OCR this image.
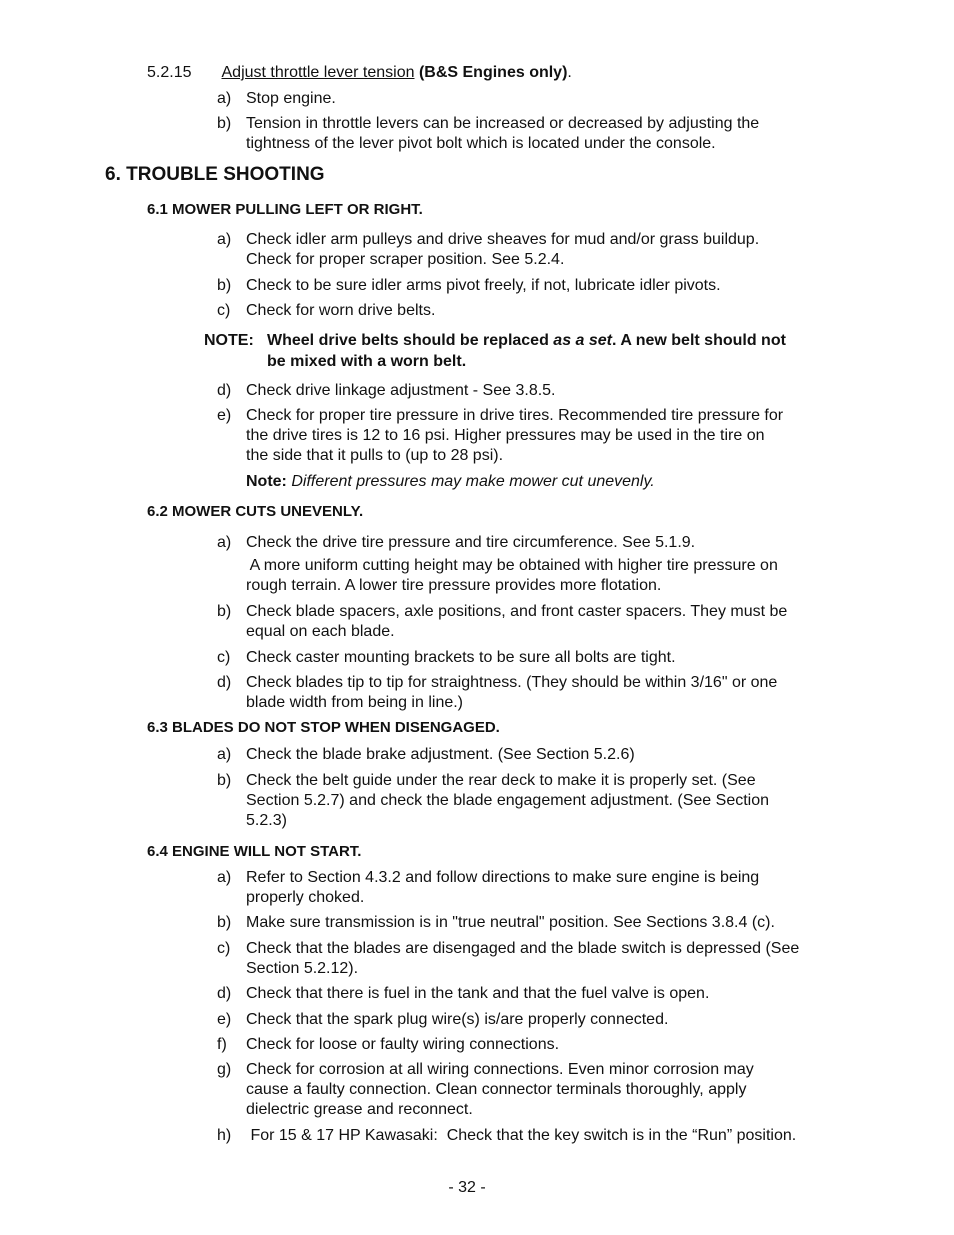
5.2.15 Adjust throttle lever tension (B&S Engines only).
a) Stop engine.
b) Tension in throttle levers can be increased or decreased by adjusting the
tightness of the lever pivot bolt which is located under the console.
6. TROUBLE SHOOTING
6.1 MOWER PULLING LEFT OR RIGHT.
a) Check idler arm pulleys and drive sheaves for mud and/or grass buildup.
Check for proper scraper position. See 5.2.4.
b) Check to be sure idler arms pivot freely, if not, lubricate idler pivots.
c) Check for worn drive belts.
NOTE: Wheel drive belts should be replaced as a set. A new belt should not
be mixed with a worn belt.
d) Check drive linkage adjustment - See 3.8.5.
e) Check for proper tire pressure in drive tires. Recommended tire pressure for
the drive tires is 12 to 16 psi. Higher pressures may be used in the tire on
the side that it pulls to (up to 28 psi).
Note: Different pressures may make mower cut unevenly.
6.2 MOWER CUTS UNEVENLY.
a) Check the drive tire pressure and tire circumference. See 5.1.9.
A more uniform cutting height may be obtained with higher tire pressure on
rough terrain. A lower tire pressure provides more flotation.
b) Check blade spacers, axle positions, and front caster spacers. They must be
equal on each blade.
c) Check caster mounting brackets to be sure all bolts are tight.
d) Check blades tip to tip for straightness. (They should be within 3/16" or one
blade width from being in line.)
6.3 BLADES DO NOT STOP WHEN DISENGAGED.
a) Check the blade brake adjustment. (See Section 5.2.6)
b) Check the belt guide under the rear deck to make it is properly set. (See
Section 5.2.7) and check the blade engagement adjustment. (See Section
5.2.3)
6.4 ENGINE WILL NOT START.
a) Refer to Section 4.3.2 and follow directions to make sure engine is being
properly choked.
b) Make sure transmission is in "true neutral" position. See Sections 3.8.4 (c).
c) Check that the blades are disengaged and the blade switch is depressed (See
Section 5.2.12).
d) Check that there is fuel in the tank and that the fuel valve is open.
e) Check that the spark plug wire(s) is/are properly connected.
f) Check for loose or faulty wiring connections.
g) Check for corrosion at all wiring connections. Even minor corrosion may
cause a faulty connection. Clean connector terminals thoroughly, apply
dielectric grease and reconnect.
h) For 15 & 17 HP Kawasaki:  Check that the key switch is in the “Run” position.
- 32 -
